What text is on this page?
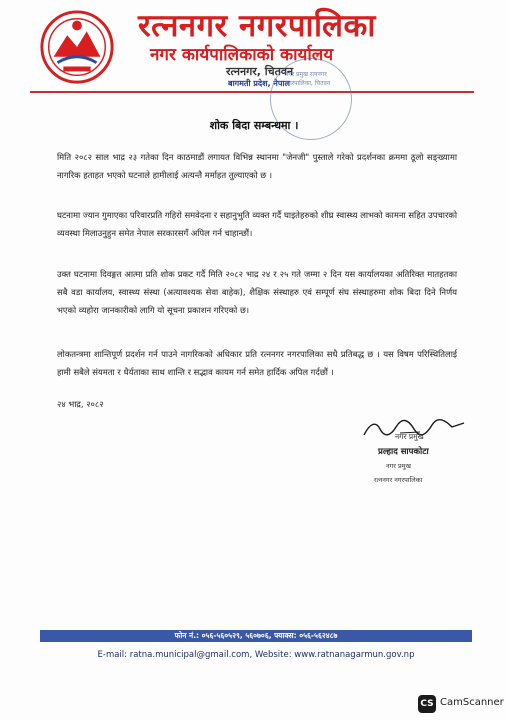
रत्ननगर नगरपालिका
नगर कार्यपालिकाको कार्यालय
रत्ननगर, चितवन
बागमती प्रदेश, नेपाल
नगर प्रमुख रत्ननगर नगरपालिका, चितवन
शोक बिदा सम्बन्धमा ।
मिति २०८२ साल भाद्र २३ गतेका दिन काठमाडौं लगायत विभिन्न स्थानमा "जेनजी" पुस्ताले गरेको प्रदर्शनका क्रममा ठूलो सङ्ख्यामा नागरिक हताहत भएको घटनाले हामीलाई अत्यन्तै मर्माहत तुल्याएको छ ।
घटनामा ज्यान गुमाएका परिवारप्रति गहिरो समवेदना र सहानुभुति व्यक्त गर्दै घाइतेहरुको शीघ्र स्वास्थ्य लाभको कामना सहित उपचारको व्यवस्था मिलाउनुहुन समेत नेपाल सरकारसगँ अपिल गर्न चाहान्छौं।
उक्त घटनामा दिवङ्गत आत्मा प्रति शोक प्रकट गर्दै मिति २०८२ भाद्र २४ र २५ गते जम्मा २ दिन यस कार्यालयका अतिरिक्त मातहतका सबै वडा कार्यालय, स्वास्थ्य संस्था (अत्यावश्यक सेवा बाहेक), शैक्षिक संस्थाहरु एवं सम्पूर्ण संघ संस्थाहरुमा शोक बिदा दिने निर्णय भएको व्यहोरा जानकारीको लागि यो सूचना प्रकाशन गरिएको छ।
लोकतन्त्रमा शान्तिपूर्ण प्रदर्शन गर्न पाउने नागरिकको अधिकार प्रति रत्ननगर नगरपालिका सधै प्रतिबद्ध छ । यस विषम परिस्थितिलाई हामी सबैले संयमता र धैर्यताका साथ शान्ति र सद्भाव कायम गर्न समेत हार्दिक अपिल गर्दछौं ।
२४ भाद्र, २०८२
नगर प्रमुख
प्रल्हाद सापकोटा
नगर प्रमुख
रत्ननगर नगरपालिका
फोन नं.: ०५६-५६०५२९, ५६०७०६, फ्याक्स: ०५६-५६२४८७
E-mail: ratna.municipal@gmail.com, Website: www.ratnanagarmun.gov.np
CS CamScanner
